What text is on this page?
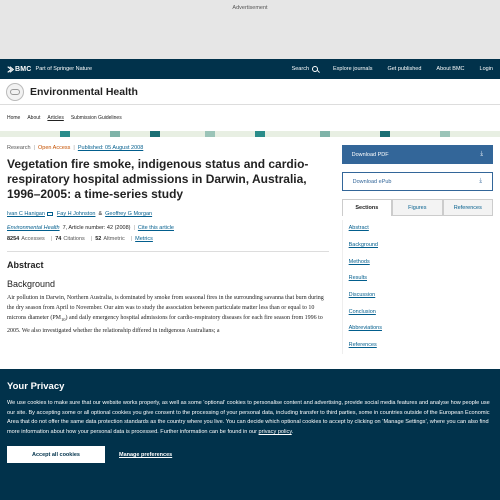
Advertisement
BMC Part of Springer Nature	Search	Explore journals	Get published	About BMC	Login
Environmental Health
Home About Articles Submission Guidelines
Research | Open Access | Published: 05 August 2008
Vegetation fire smoke, indigenous status and cardio-respiratory hospital admissions in Darwin, Australia, 1996–2005: a time-series study
Ivan C Hanigan Fay H Johnston & Geoffrey G Morgan
Environmental Health 7, Article number: 42 (2008) | Cite this article
8254 Accesses | 74 Citations | 52 Altmetric | Metrics
Abstract
Background

Air pollution in Darwin, Northern Australia, is dominated by smoke from seasonal fires in the surrounding savanna that burn during the dry season from April to November. Our aim was to study the association between particulate matter less than or equal to 10 microns diameter $(PM_{10})$ and daily emergency hospital admissions for cardio-respiratory diseases for each fire season from 1996 to 2005. We also investigated whether the relationship differed in indigenous Australians; a

Download PDF	⤓
Download ePub	⤓
Sections	Figures	References
Abstract
Background
Methods
Results
Discussion
Conclusion
Abbreviations
References
Your Privacy

We use cookies to make sure that our website works properly, as well as some ‘optional’ cookies to personalise content and advertising, provide social media features and analyse how people use our site. By accepting some or all optional cookies you give consent to the processing of your personal data, including transfer to third parties, some in countries outside of the European Economic Area that do not offer the same data protection standards as the country where you live. You can decide which optional cookies to accept by clicking on ‘Manage Settings’, where you can also find more information about how your personal data is processed. Further information can be found in our privacy policy.

Accept all cookies	Manage preferences
